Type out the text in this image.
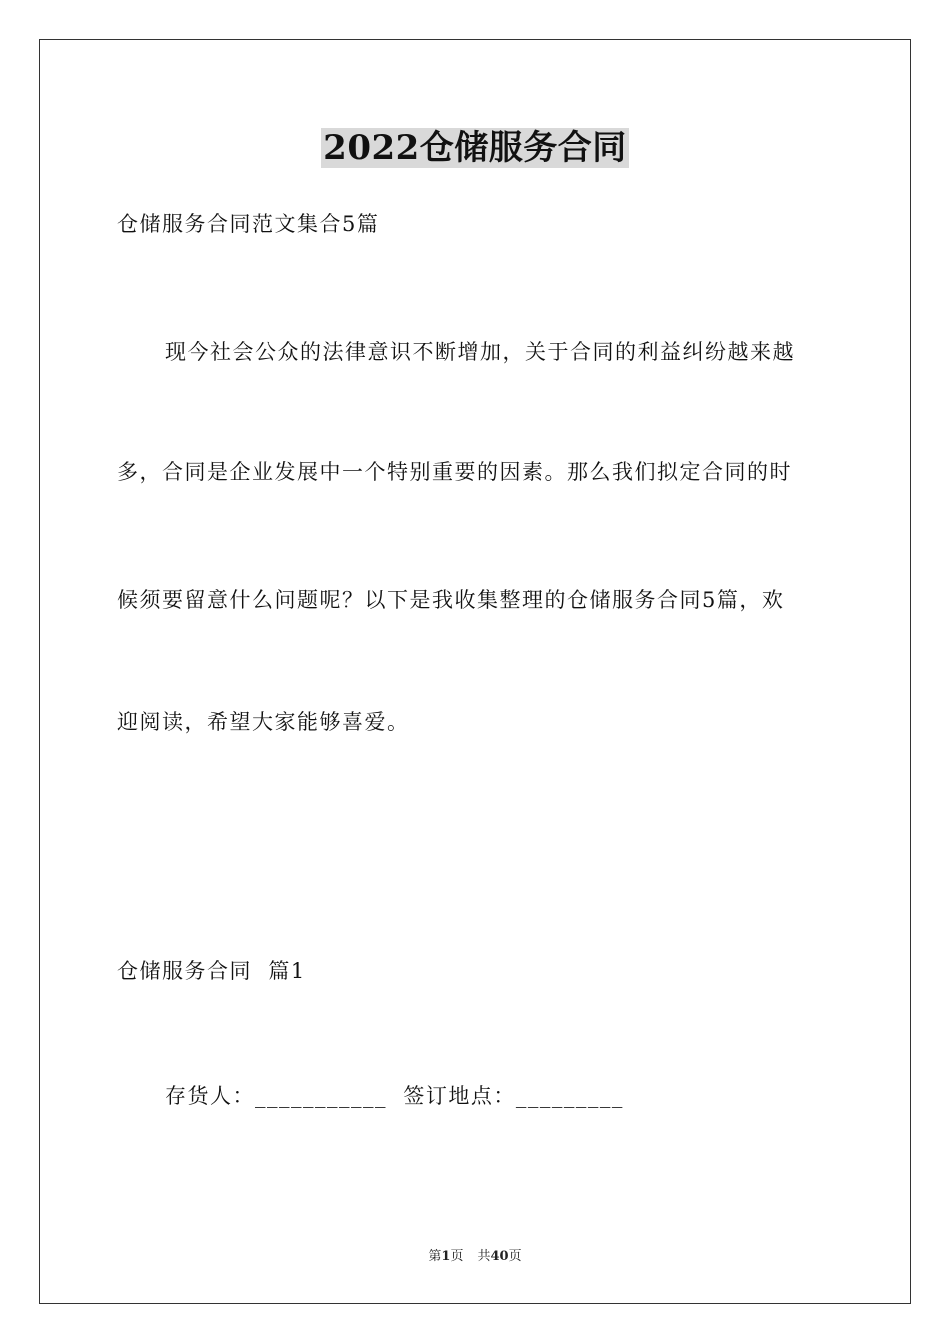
2022仓储服务合同
仓储服务合同范文集合5篇
现今社会公众的法律意识不断增加，关于合同的利益纠纷越来越
多，合同是企业发展中一个特别重要的因素。那么我们拟定合同的时
候须要留意什么问题呢？以下是我收集整理的仓储服务合同5篇，欢
迎阅读，希望大家能够喜爱。
仓储服务合同  篇1
存货人：___________  签订地点：_________
第1页 共40页
